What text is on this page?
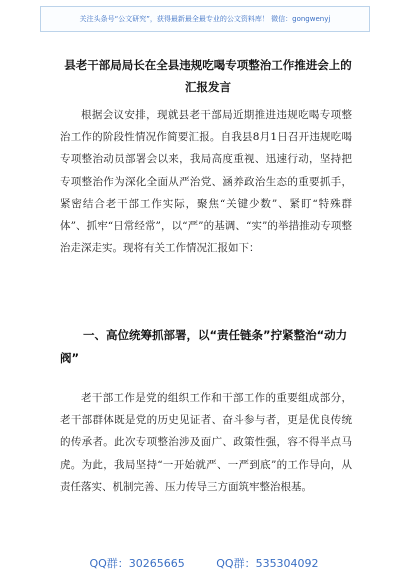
关注头条号“公文研究”，获得最新最全最专业的公文资料库！ 微信：gongwenyj
县老干部局局长在全县违规吃喝专项整治工作推进会上的
汇报发言
根据会议安排，现就县老干部局近期推进违规吃喝专项整治工作的阶段性情况作简要汇报。自我县8月1日召开违规吃喝专项整治动员部署会以来，我局高度重视、迅速行动，坚持把专项整治作为深化全面从严治党、涵养政治生态的重要抓手，紧密结合老干部工作实际，聚焦“关键少数”、紧盯“特殊群体”、抓牢“日常经常”，以“严”的基调、“实”的举措推动专项整治走深走实。现将有关工作情况汇报如下：
一、高位统筹抓部署，以“责任链条”拧紧整治“动力阀”
老干部工作是党的组织工作和干部工作的重要组成部分，老干部群体既是党的历史见证者、奋斗参与者，更是优良传统的传承者。此次专项整治涉及面广、政策性强，容不得半点马虎。为此，我局坚持“一开始就严、一严到底”的工作导向，从责任落实、机制完善、压力传导三方面筑牢整治根基。
QQ群：30265665	QQ群：535304092
